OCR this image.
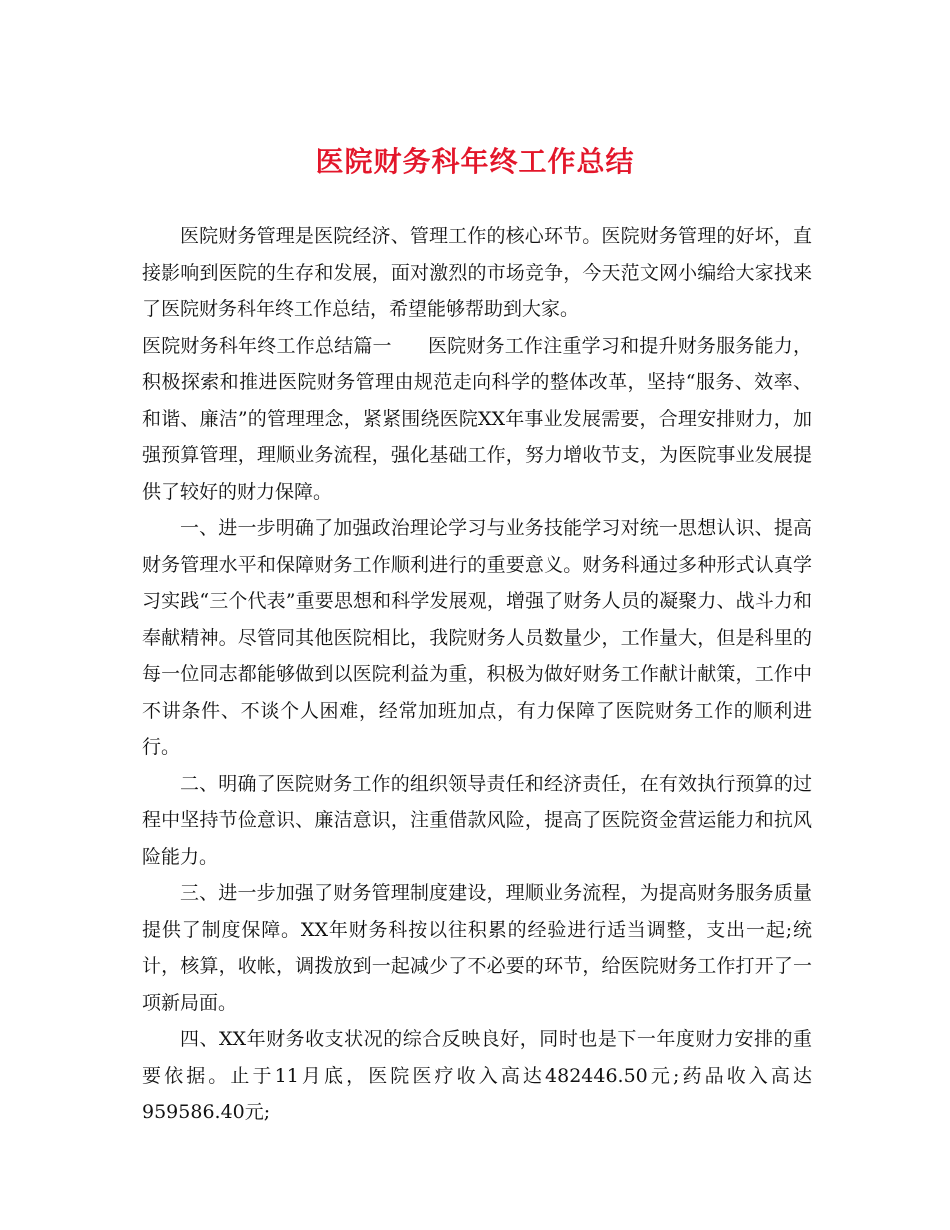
医院财务科年终工作总结

医院财务管理是医院经济、管理工作的核心环节。医院财务管理的好坏，直接影响到医院的生存和发展，面对激烈的市场竞争，今天范文网小编给大家找来了医院财务科年终工作总结，希望能够帮助到大家。

医院财务科年终工作总结篇一 医院财务工作注重学习和提升财务服务能力，积极探索和推进医院财务管理由规范走向科学的整体改革，坚持“服务、效率、和谐、廉洁”的管理理念，紧紧围绕医院XX年事业发展需要，合理安排财力，加强预算管理，理顺业务流程，强化基础工作，努力增收节支，为医院事业发展提供了较好的财力保障。

一、进一步明确了加强政治理论学习与业务技能学习对统一思想认识、提高财务管理水平和保障财务工作顺利进行的重要意义。财务科通过多种形式认真学习实践“三个代表”重要思想和科学发展观，增强了财务人员的凝聚力、战斗力和奉献精神。尽管同其他医院相比，我院财务人员数量少，工作量大，但是科里的每一位同志都能够做到以医院利益为重，积极为做好财务工作献计献策，工作中不讲条件、不谈个人困难，经常加班加点，有力保障了医院财务工作的顺利进行。

二、明确了医院财务工作的组织领导责任和经济责任，在有效执行预算的过程中坚持节俭意识、廉洁意识，注重借款风险，提高了医院资金营运能力和抗风险能力。

三、进一步加强了财务管理制度建设，理顺业务流程，为提高财务服务质量提供了制度保障。XX年财务科按以往积累的经验进行适当调整，支出一起;统计，核算，收帐，调拨放到一起减少了不必要的环节，给医院财务工作打开了一项新局面。

四、XX年财务收支状况的综合反映良好，同时也是下一年度财力安排的重要依据。止于11月底，医院医疗收入高达482446.50元;药品收入高达959586.40元;
